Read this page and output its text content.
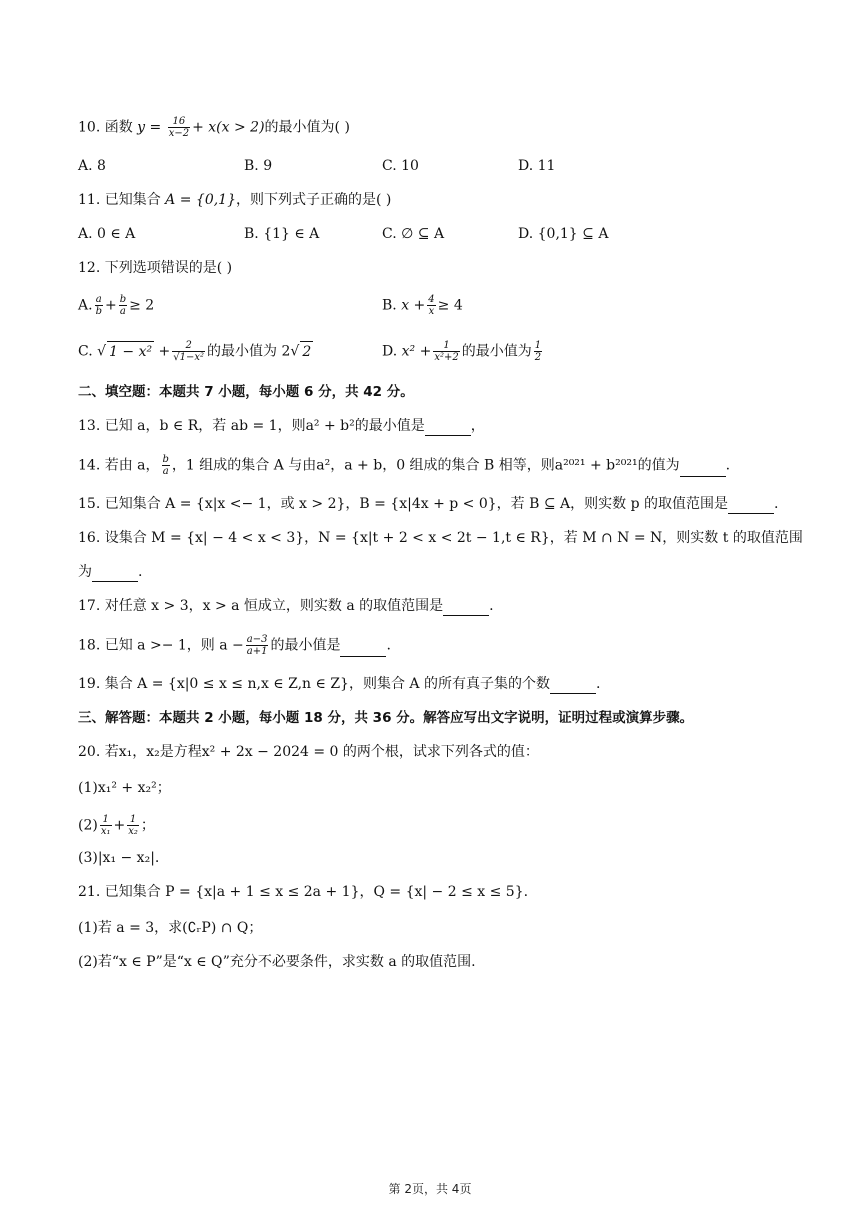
10. 函数 $y = \frac{16}{x-2} + x(x > 2)$的最小值为( )
A. 8	B. 9	C. 10	D. 11
11. 已知集合 A = {0,1}，则下列式子正确的是( )
A. 0 ∈ A	B. {1} ∈ A	C. ∅ ⊆ A	D. {0,1} ⊆ A
12. 下列选项错误的是( )
A. $\frac{a}{b} + \frac{b}{a} \ge 2$	B. $x + \frac{4}{x} \ge 4$
C. √ $1 - x^2 + \frac{2}{\text{√1−x²}}$ 的最小值为 2√ 2	D. $x^2 + \frac{1}{\text{x²+2}}$ 的最小值为 $\frac{1}{2}$
二、填空题：本题共 7 小题，每小题 6 分，共 42 分。
13. 已知 a，b ∈ R，若 ab = 1，则a² + b²的最小值是	，
14. 若由 a， $\frac{b}{a}$ ，1 组成的集合 A 与由a²，a + b，0 组成的集合 B 相等，则a²⁰²¹ + b²⁰²¹的值为	.
15. 已知集合 A = {x|x <− 1，或 x > 2}，B = {x|4x + p < 0}，若 B ⊆ A，则实数 p 的取值范围是	.
16. 设集合 M = {x| − 4 < x < 3}，N = {x|t + 2 < x < 2t − 1,t ∈ R}，若 M ∩ N = N，则实数 t 的取值范围
为	.
17. 对任意 x > 3，x > a 恒成立，则实数 a 的取值范围是	.
18. 已知 a >− 1，则 $a - \frac{a-3}{a+1}$ 的最小值是	.
19. 集合 A = {x|0 ≤ x ≤ n,x ∈ Z,n ∈ Z}，则集合 A 的所有真子集的个数	.
三、解答题：本题共 2 小题，每小题 18 分，共 36 分。解答应写出文字说明，证明过程或演算步骤。
20. 若x₁，x₂是方程x² + 2x − 2024 = 0 的两个根，试求下列各式的值：
(1)x₁² + x₂²；
$(2) \frac{1}{\text{x₁}} + \frac{1}{\text{x₂}}$ ；
(3)|x₁ − x₂|.
21. 已知集合 P = {x|a + 1 ≤ x ≤ 2a + 1}，Q = {x| − 2 ≤ x ≤ 5}.
(1)若 a = 3，求(∁ᵣP) ∩ Q；
(2)若“x ∈ P”是“x ∈ Q”充分不必要条件，求实数 a 的取值范围.
第 2页，共 4页
